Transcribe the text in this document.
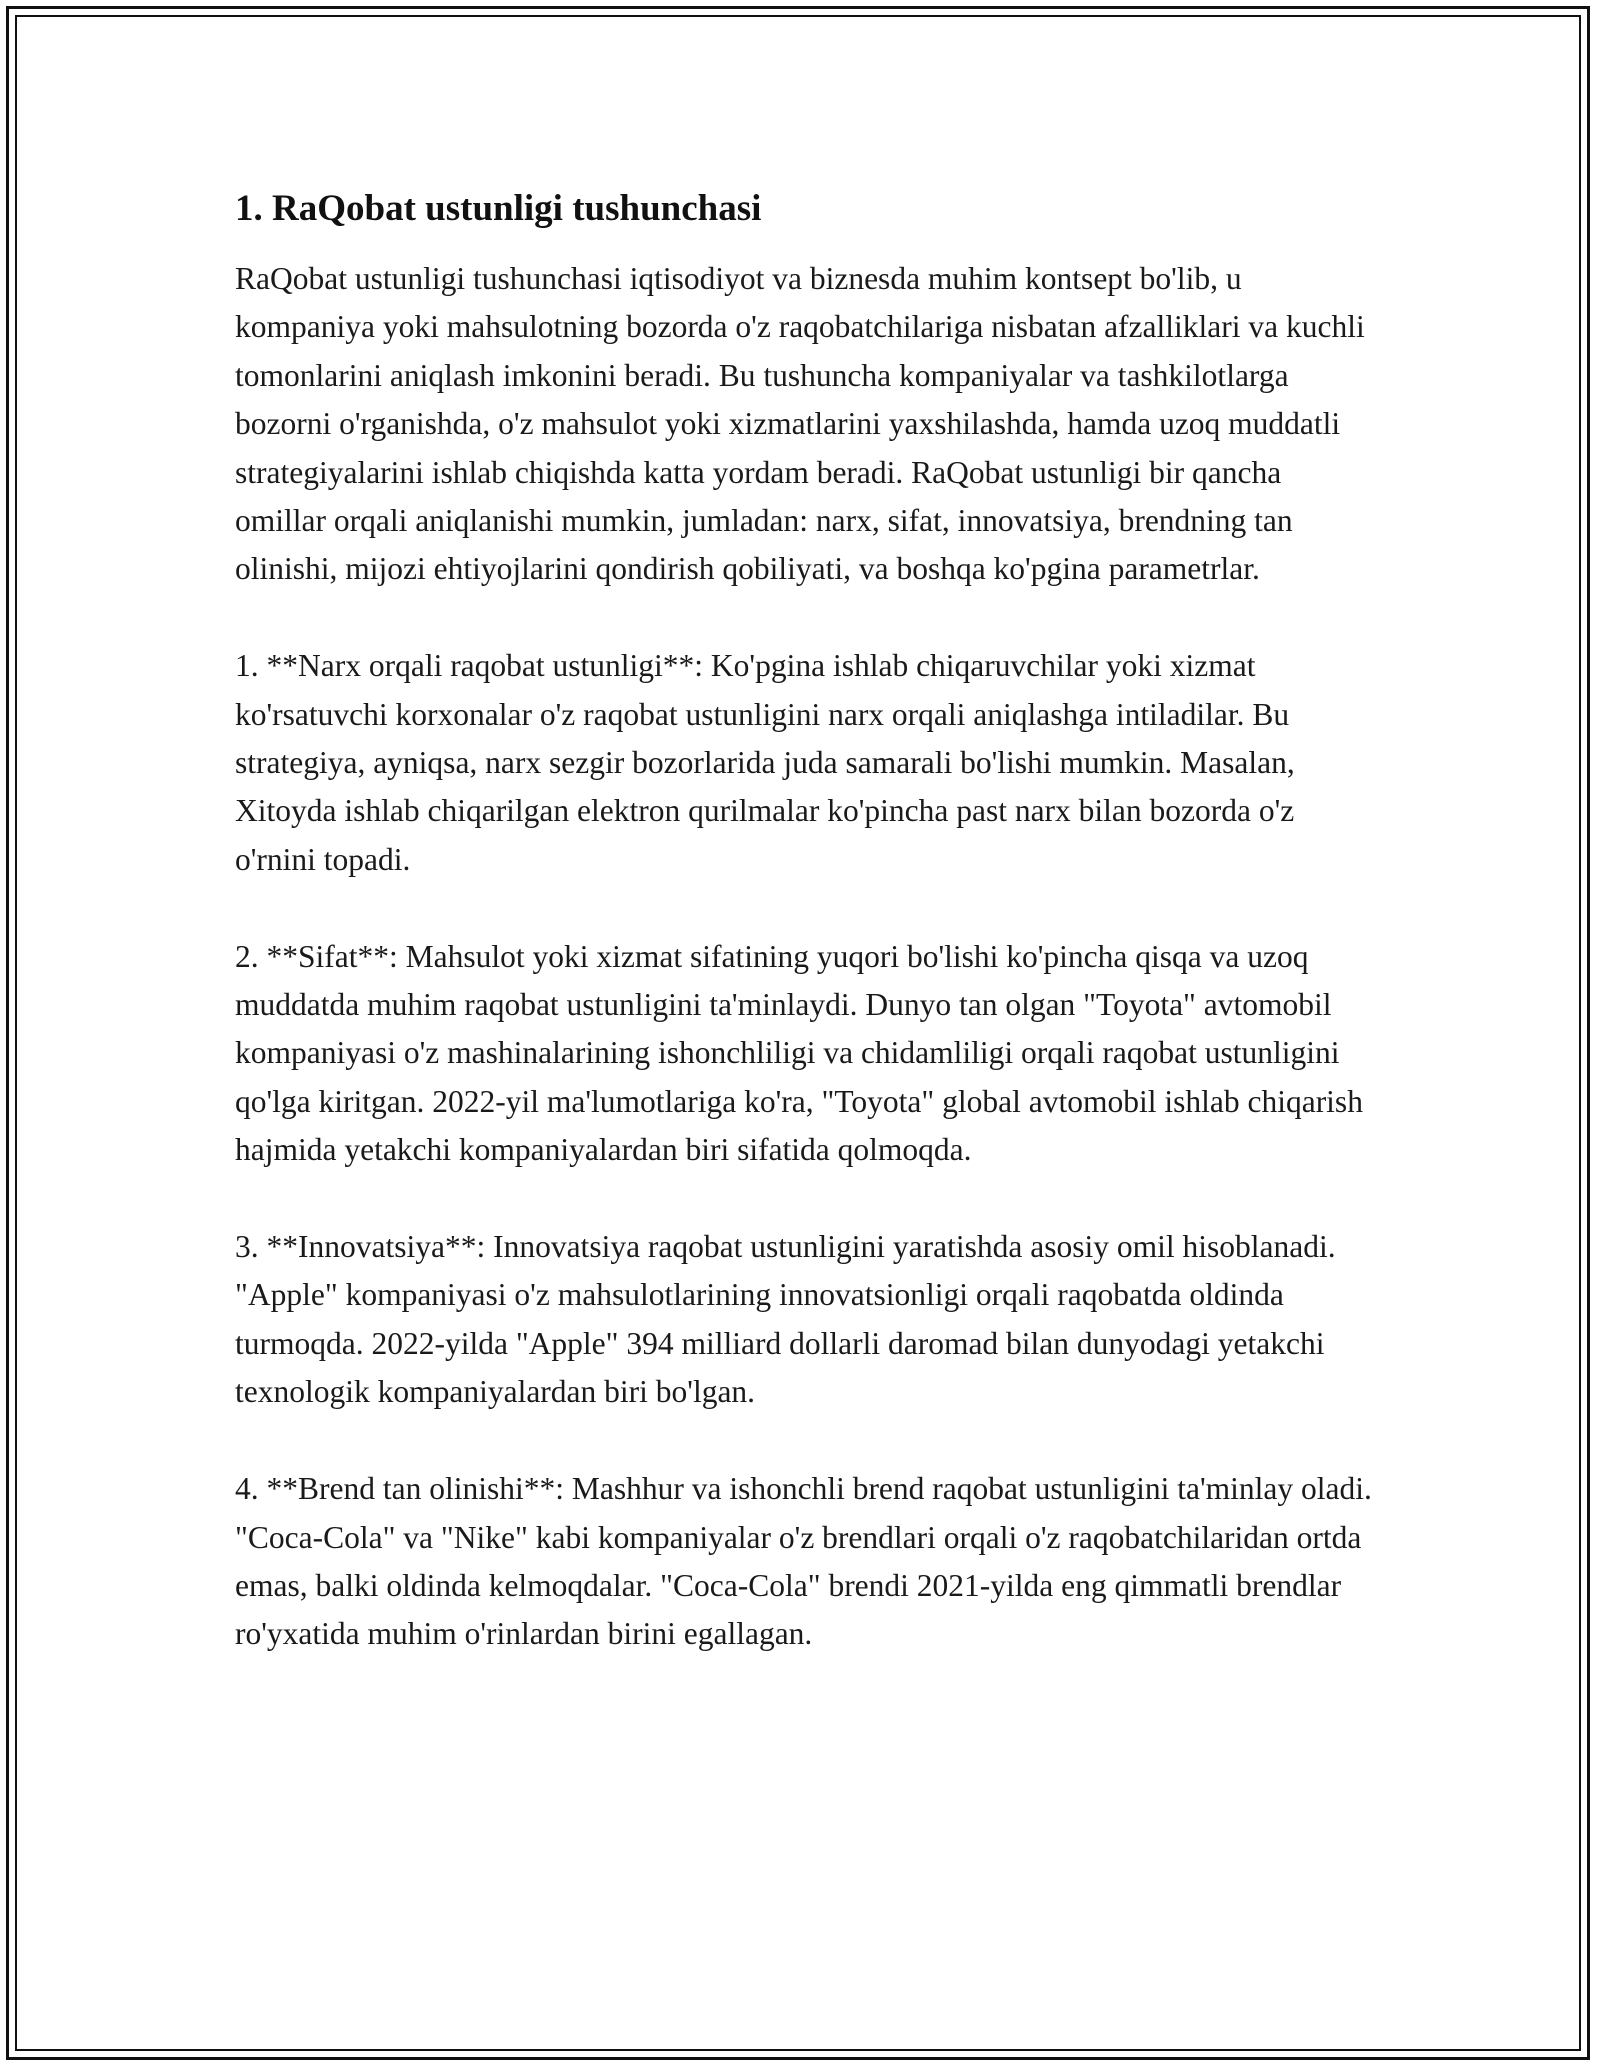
1. RaQobat ustunligi tushunchasi

RaQobat ustunligi tushunchasi iqtisodiyot va biznesda muhim kontsept bo'lib, u kompaniya yoki mahsulotning bozorda o'z raqobatchilariga nisbatan afzalliklari va kuchli tomonlarini aniqlash imkonini beradi. Bu tushuncha kompaniyalar va tashkilotlarga bozorni o'rganishda, o'z mahsulot yoki xizmatlarini yaxshilashda, hamda uzoq muddatli strategiyalarini ishlab chiqishda katta yordam beradi. RaQobat ustunligi bir qancha omillar orqali aniqlanishi mumkin, jumladan: narx, sifat, innovatsiya, brendning tan olinishi, mijozi ehtiyojlarini qondirish qobiliyati, va boshqa ko'pgina parametrlar.

1. **Narx orqali raqobat ustunligi**: Ko'pgina ishlab chiqaruvchilar yoki xizmat ko'rsatuvchi korxonalar o'z raqobat ustunligini narx orqali aniqlashga intiladilar. Bu strategiya, ayniqsa, narx sezgir bozorlarida juda samarali bo'lishi mumkin. Masalan, Xitoyda ishlab chiqarilgan elektron qurilmalar ko'pincha past narx bilan bozorda o'z o'rnini topadi.

2. **Sifat**: Mahsulot yoki xizmat sifatining yuqori bo'lishi ko'pincha qisqa va uzoq muddatda muhim raqobat ustunligini ta'minlaydi. Dunyo tan olgan "Toyota" avtomobil kompaniyasi o'z mashinalarining ishonchliligi va chidamliligi orqali raqobat ustunligini qo'lga kiritgan. 2022-yil ma'lumotlariga ko'ra, "Toyota" global avtomobil ishlab chiqarish hajmida yetakchi kompaniyalardan biri sifatida qolmoqda.

3. **Innovatsiya**: Innovatsiya raqobat ustunligini yaratishda asosiy omil hisoblanadi. "Apple" kompaniyasi o'z mahsulotlarining innovatsionligi orqali raqobatda oldinda turmoqda. 2022-yilda "Apple" 394 milliard dollarli daromad bilan dunyodagi yetakchi texnologik kompaniyalardan biri bo'lgan.

4. **Brend tan olinishi**: Mashhur va ishonchli brend raqobat ustunligini ta'minlay oladi. "Coca-Cola" va "Nike" kabi kompaniyalar o'z brendlari orqali o'z raqobatchilaridan ortda emas, balki oldinda kelmoqdalar. "Coca-Cola" brendi 2021-yilda eng qimmatli brendlar ro'yxatida muhim o'rinlardan birini egallagan.
